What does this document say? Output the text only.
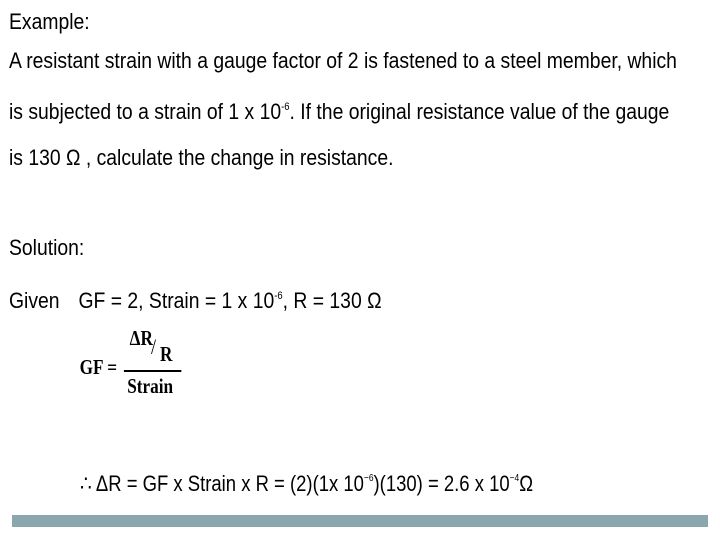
Example:
A resistant strain with a gauge factor of 2 is fastened to a steel member, which
is subjected to a strain of 1 x $10^{-6}$. If the original resistance value of the gauge
is 130 Ω , calculate the change in resistance.
Solution:
Given GF = 2, Strain = 1 x $10^{-6}$, R = 130 Ω
GF =
ΔR
/ R
Strain
∴ ΔR = GF x Strain x R = (2)(1x $10^{-6})(130) = 2.6$ x $10^{-4}\Omega$
